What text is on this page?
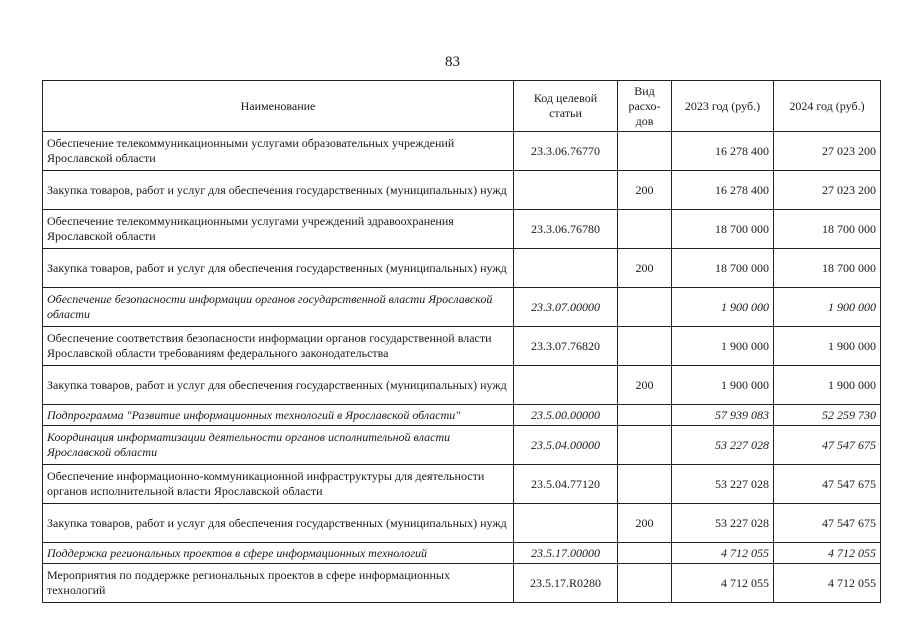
83
Наименование	Код целевой статьи	Вид расхо-дов	2023 год (руб.)	2024 год (руб.)
Обеспечение телекоммуникационными услугами образовательных учреждений Ярославской области	23.3.06.76770		16 278 400	27 023 200
Закупка товаров, работ и услуг для обеспечения государственных (муниципальных) нужд		200	16 278 400	27 023 200
Обеспечение телекоммуникационными услугами учреждений здравоохранения Ярославской области	23.3.06.76780		18 700 000	18 700 000
Закупка товаров, работ и услуг для обеспечения государственных (муниципальных) нужд		200	18 700 000	18 700 000
Обеспечение безопасности информации органов государственной власти Ярославской области	23.3.07.00000		1 900 000	1 900 000
Обеспечение соответствия безопасности информации органов государственной власти Ярославской области требованиям федерального законодательства	23.3.07.76820		1 900 000	1 900 000
Закупка товаров, работ и услуг для обеспечения государственных (муниципальных) нужд		200	1 900 000	1 900 000
Подпрограмма "Развитие информационных технологий в Ярославской области"	23.5.00.00000		57 939 083	52 259 730
Координация информатизации деятельности органов исполнительной власти Ярославской области	23.5.04.00000		53 227 028	47 547 675
Обеспечение информационно-коммуникационной инфраструктуры для деятельности органов исполнительной власти Ярославской области	23.5.04.77120		53 227 028	47 547 675
Закупка товаров, работ и услуг для обеспечения государственных (муниципальных) нужд		200	53 227 028	47 547 675
Поддержка региональных проектов в сфере информационных технологий	23.5.17.00000		4 712 055	4 712 055
Мероприятия по поддержке региональных проектов в сфере информационных технологий	23.5.17.R0280		4 712 055	4 712 055
